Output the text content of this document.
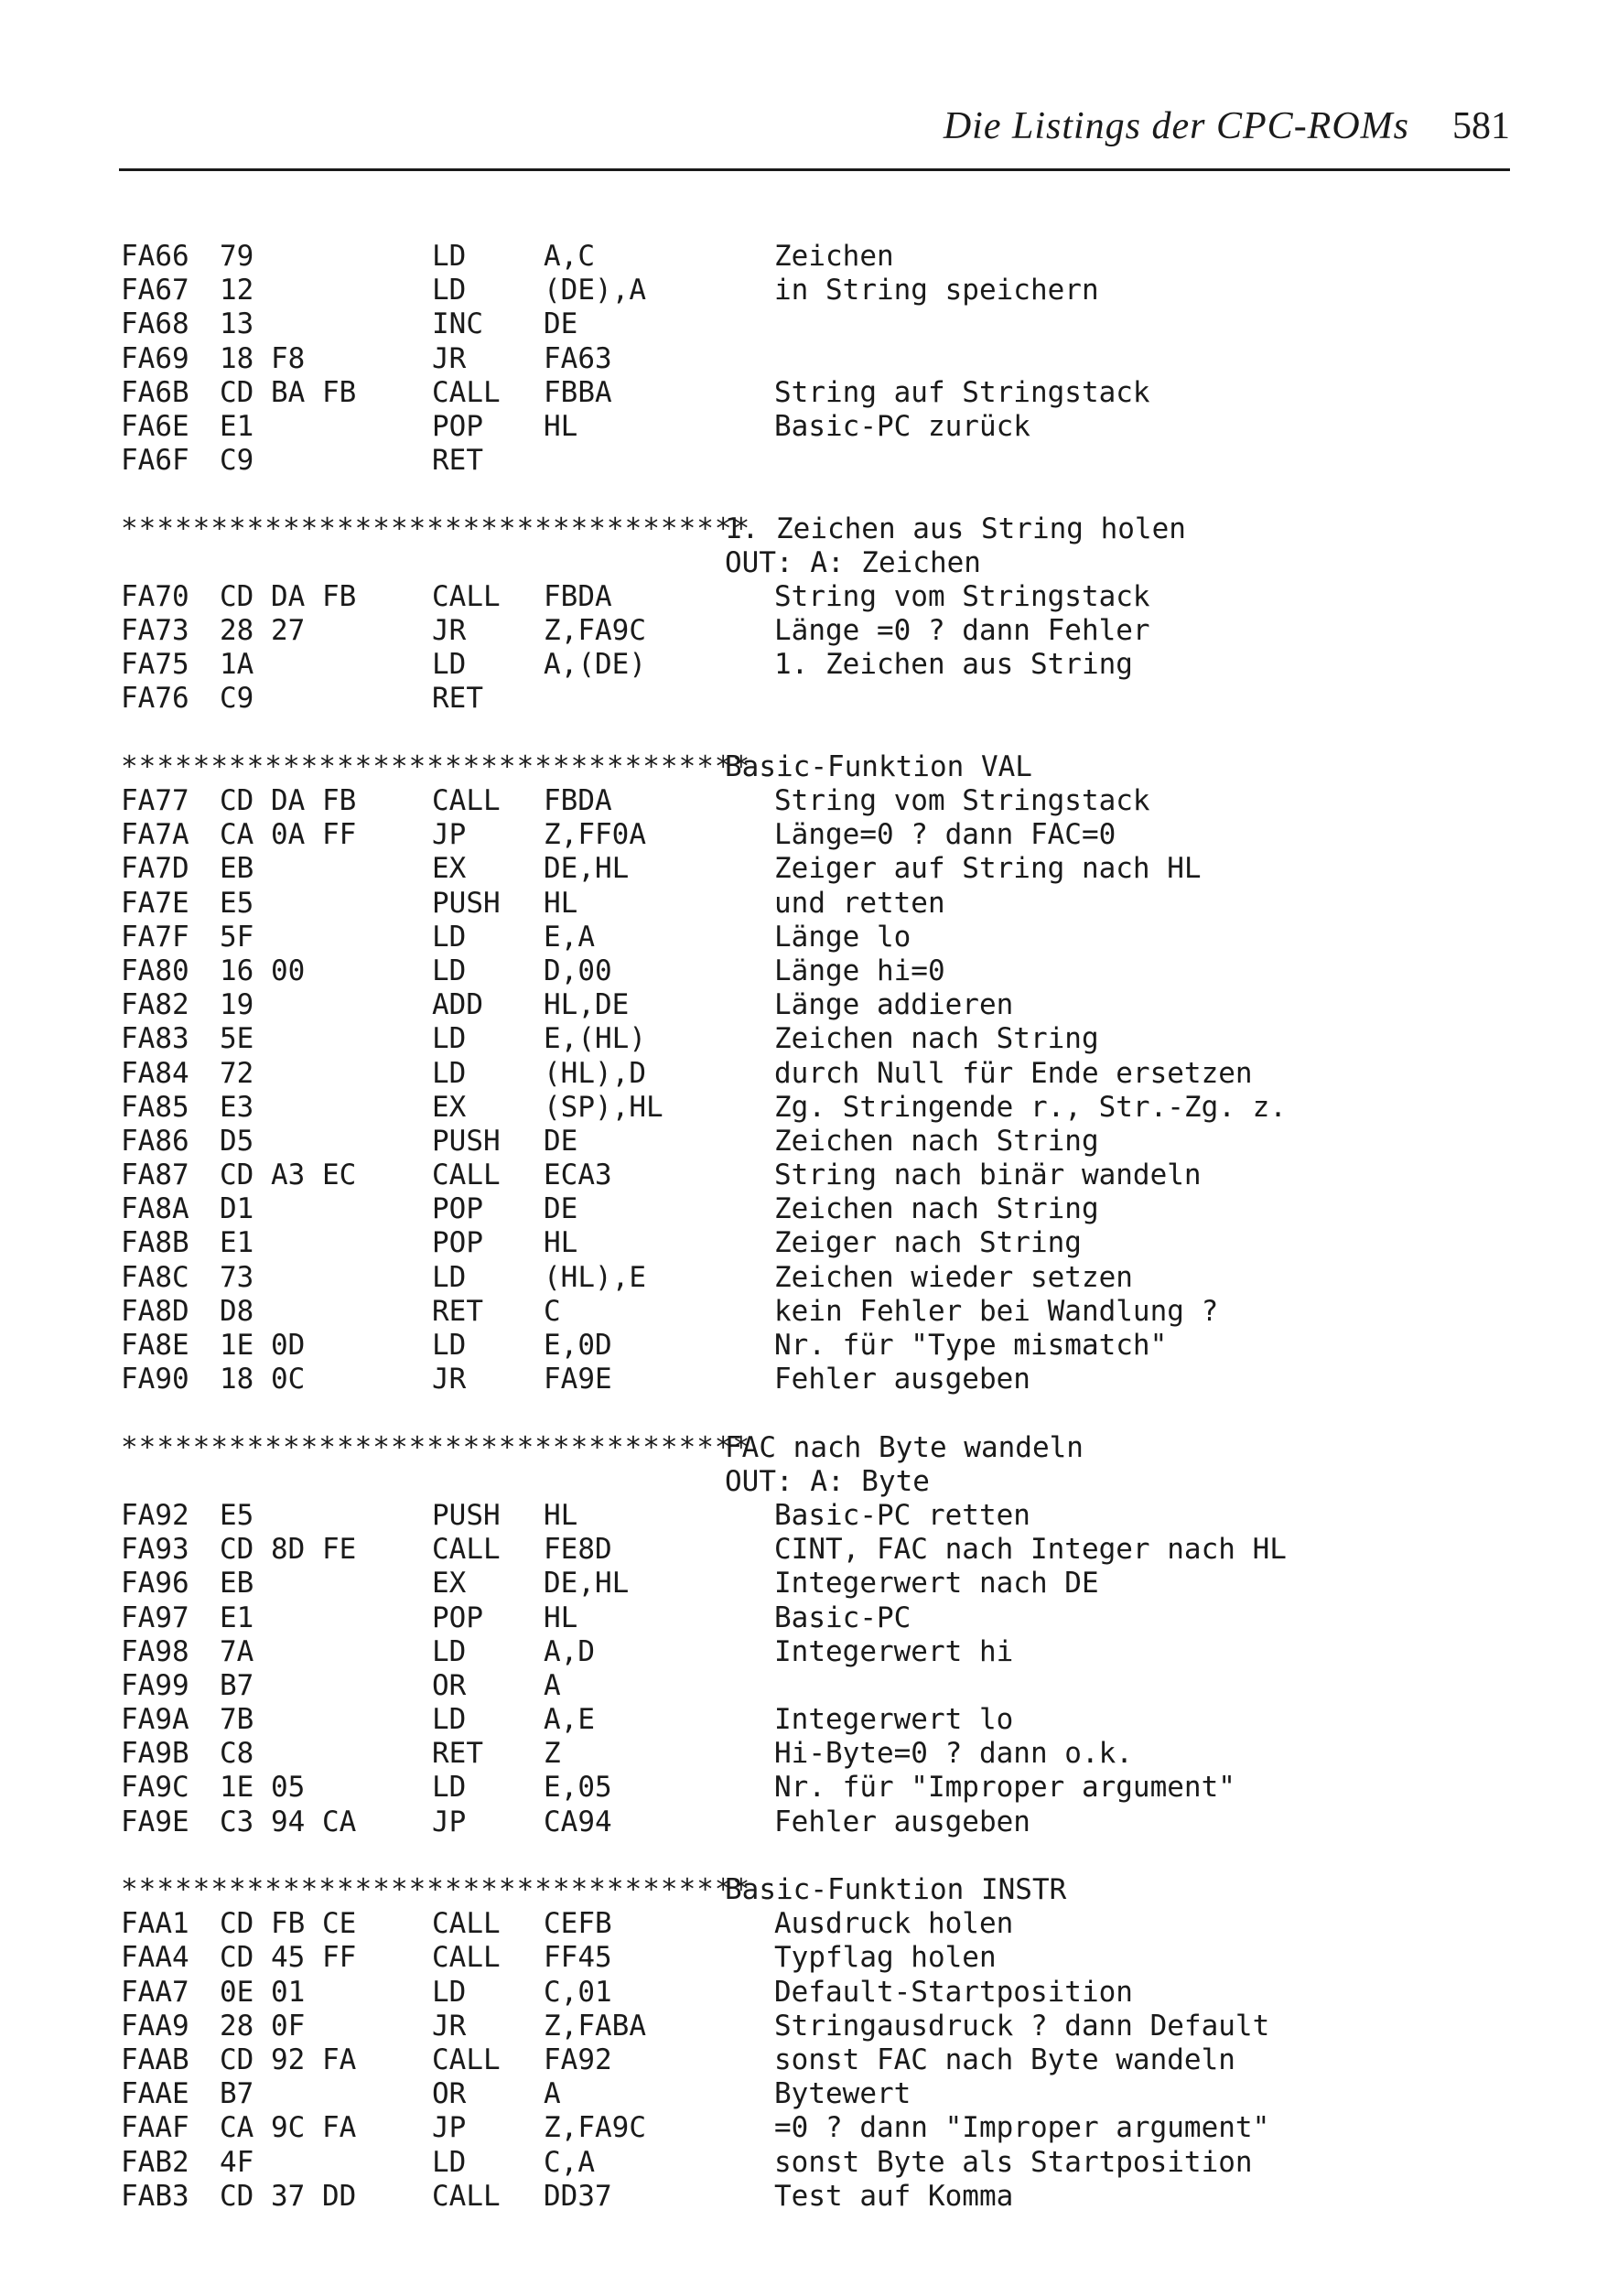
Die Listings der CPC-ROMs 581
FA66 79	LD	A,C	Zeichen
FA67 12	LD	(DE),A	in String speichern
FA68 13	INC DE
FA69 18 F8	JR	FA63
FA6B CD BA FB	CALL FBBA	String auf Stringstack
FA6E E1	POP HL	Basic-PC zurück
FA6F C9	RET
***********************************
1. Zeichen aus String holen
OUT: A: Zeichen
FA70 CD DA FB	CALL FBDA	String vom Stringstack
FA73 28 27	JR	Z,FA9C	Länge =0 ? dann Fehler
FA75 1A	LD	A,(DE)	1. Zeichen aus String
FA76 C9	RET
***********************************
Basic-Funktion VAL
FA77 CD DA FB	CALL FBDA	String vom Stringstack
FA7A CA 0A FF	JP	Z,FF0A	Länge=0 ? dann FAC=0
FA7D EB	EX	DE,HL	Zeiger auf String nach HL
FA7E E5	PUSH HL	und retten
FA7F 5F	LD	E,A	Länge lo
FA80 16 00	LD	D,00	Länge hi=0
FA82 19	ADD HL,DE	Länge addieren
FA83 5E	LD	E,(HL)	Zeichen nach String
FA84 72	LD	(HL),D	durch Null für Ende ersetzen
FA85 E3	EX	(SP),HL	Zg. Stringende r., Str.-Zg. z.
FA86 D5	PUSH DE	Zeichen nach String
FA87 CD A3 EC	CALL ECA3	String nach binär wandeln
FA8A D1	POP DE	Zeichen nach String
FA8B E1	POP HL	Zeiger nach String
FA8C 73	LD	(HL),E	Zeichen wieder setzen
FA8D D8	RET C	kein Fehler bei Wandlung ?
FA8E 1E 0D	LD	E,0D	Nr. für "Type mismatch"
FA90 18 0C	JR	FA9E	Fehler ausgeben
***********************************
FAC nach Byte wandeln
OUT: A: Byte
FA92 E5	PUSH HL	Basic-PC retten
FA93 CD 8D FE	CALL FE8D	CINT, FAC nach Integer nach HL
FA96 EB	EX	DE,HL	Integerwert nach DE
FA97 E1	POP HL	Basic-PC
FA98 7A	LD	A,D	Integerwert hi
FA99 B7	OR	A
FA9A 7B	LD	A,E	Integerwert lo
FA9B C8	RET Z	Hi-Byte=0 ? dann o.k.
FA9C 1E 05	LD	E,05	Nr. für "Improper argument"
FA9E C3 94 CA	JP	CA94	Fehler ausgeben
***********************************
Basic-Funktion INSTR
FAA1 CD FB CE	CALL CEFB	Ausdruck holen
FAA4 CD 45 FF	CALL FF45	Typflag holen
FAA7 0E 01	LD	C,01	Default-Startposition
FAA9 28 0F	JR	Z,FABA	Stringausdruck ? dann Default
FAAB CD 92 FA	CALL FA92	sonst FAC nach Byte wandeln
FAAE B7	OR	A	Bytewert
FAAF CA 9C FA	JP	Z,FA9C	=0 ? dann "Improper argument"
FAB2 4F	LD	C,A	sonst Byte als Startposition
FAB3 CD 37 DD	CALL DD37	Test auf Komma
